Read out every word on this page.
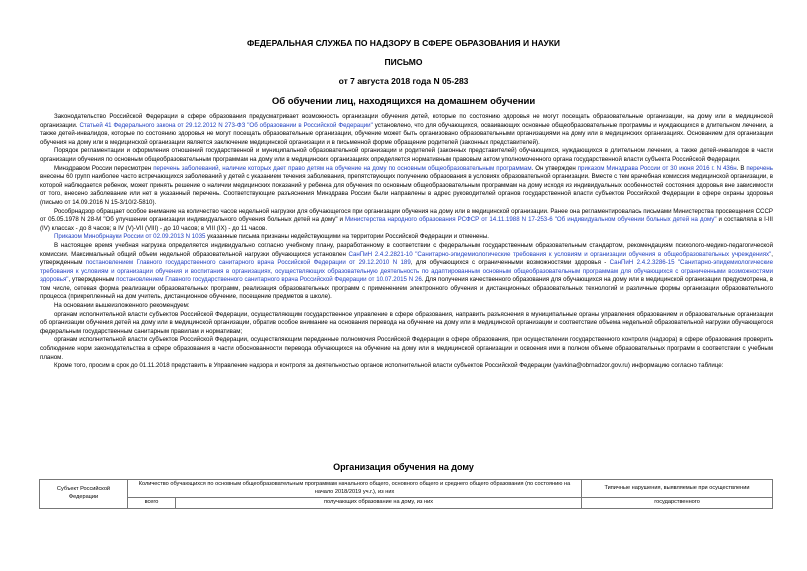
ФЕДЕРАЛЬНАЯ СЛУЖБА ПО НАДЗОРУ В СФЕРЕ ОБРАЗОВАНИЯ И НАУКИ
ПИСЬМО
от 7 августа 2018 года N 05-283
Об обучении лиц, находящихся на домашнем обучении

Законодательство Российской Федерации в сфере образования предусматривает возможность организации обучения детей, которые по состоянию здоровья не могут посещать образовательные организации, на дому или в медицинской организации. Статьей 41 Федерального закона от 29.12.2012 N 273-ФЗ "Об образовании в Российской Федерации" установлено, что для обучающихся, осваивающих основные общеобразовательные программы и нуждающихся в длительном лечении, а также детей-инвалидов, которые по состоянию здоровья не могут посещать образовательные организации, обучение может быть организовано образовательными организациями на дому или в медицинских организациях. Основанием для организации обучения на дому или в медицинской организации является заключение медицинской организации и в письменной форме обращение родителей (законных представителей).

Порядок регламентации и оформления отношений государственной и муниципальной образовательной организации и родителей (законных представителей) обучающихся, нуждающихся в длительном лечении, а также детей-инвалидов в части организации обучения по основным общеобразовательным программам на дому или в медицинских организациях определяется нормативным правовым актом уполномоченного органа государственной власти субъекта Российской Федерации.

Минздравом России пересмотрен перечень заболеваний, наличие которых дает право детям на обучение на дому по основным общеобразовательным программам. Он утвержден приказом Минздрава России от 30 июня 2016 г. N 436н. В перечень внесены 60 групп наиболее часто встречающихся заболеваний у детей с указанием течения заболевания, препятствующих получению образования в условиях образовательной организации. Вместе с тем врачебная комиссия медицинской организации, в которой наблюдается ребенок, может принять решение о наличии медицинских показаний у ребенка для обучения по основным общеобразовательным программам на дому исходя из индивидуальных особенностей состояния здоровья вне зависимости от того, внесено заболевание или нет в указанный перечень. Соответствующие разъяснения Минздрава России были направлены в адрес руководителей органов государственной власти субъектов Российской Федерации в сфере охраны здоровья (письмо от 14.09.2016 N 15-3/10/2-5810).

Рособрнадзор обращает особое внимание на количество часов недельной нагрузки для обучающегося при организации обучения на дому или в медицинской организации. Ранее она регламентировалась письмами Министерства просвещения СССР от 05.05.1978 N 28-М "Об улучшении организации индивидуального обучения больных детей на дому" и Министерства народного образования РСФСР от 14.11.1988 N 17-253-6 "Об индивидуальном обучении больных детей на дому" и составляла в I-III (IV) классах - до 8 часов; в IV (V)-VII (VIII) - до 10 часов; в VIII (IX) - до 11 часов.

Приказом Минобрнауки России от 02.09.2013 N 1035 указанные письма признаны недействующими на территории Российской Федерации и отменены.

В настоящее время учебная нагрузка определяется индивидуально согласно учебному плану, разработанному в соответствии с федеральным государственным образовательным стандартом, рекомендациям психолого-медико-педагогической комиссии. Максимальный общий объем недельной образовательной нагрузки обучающихся установлен СанПиН 2.4.2.2821-10 "Санитарно-эпидемиологические требования к условиям и организации обучения в общеобразовательных учреждениях", утвержденным постановлением Главного государственного санитарного врача Российской Федерации от 29.12.2010 N 189, для обучающихся с ограниченными возможностями здоровья - СанПиН 2.4.2.3286-15 "Санитарно-эпидемиологические требования к условиям и организации обучения и воспитания в организациях, осуществляющих образовательную деятельность по адаптированным основным общеобразовательным программам для обучающихся с ограниченными возможностями здоровья", утвержденным постановлением Главного государственного санитарного врача Российской Федерации от 10.07.2015 N 26. Для получения качественного образования для обучающихся на дому или в медицинской организации предусмотрена, в том числе, сетевая форма реализации образовательных программ, реализация образовательных программ с применением электронного обучения и дистанционных образовательных технологий и различные формы организации образовательного процесса (прикрепленный на дом учитель, дистанционное обучение, посещение предметов в школе).

На основании вышеизложенного рекомендуем:

органам исполнительной власти субъектов Российской Федерации, осуществляющим государственное управление в сфере образования, направить разъяснения в муниципальные органы управления образованием и образовательные организации об организации обучения детей на дому или в медицинской организации, обратив особое внимание на основания перевода на обучение на дому или в медицинской организации и соответствие объема недельной образовательной нагрузки обучающегося федеральным государственным санитарным правилам и нормативам;

органам исполнительной власти субъектов Российской Федерации, осуществляющим переданные полномочия Российской Федерации в сфере образования, при осуществлении государственного контроля (надзора) в сфере образования проверить соблюдение норм законодательства в сфере образования в части обоснованности перевода обучающихся на обучение на дому или в медицинской организации и освоения ими в полном объеме образовательных программ в соответствии с учебным планом.

Кроме того, просим в срок до 01.11.2018 представить в Управление надзора и контроля за деятельностью органов исполнительной власти субъектов Российской Федерации (yavkina@obrnadzor.gov.ru) информацию согласно таблице:

Организация обучения на дому
Субъект Российской Федерации	Количество обучающихся по основным общеобразовательным программам начального общего, основного общего и среднего общего образования (по состоянию на начало 2018/2019 уч.г.), из них		Типичные нарушения, выявляемые при осуществлении
	всего	получающих образование на дому, из них	государственного
